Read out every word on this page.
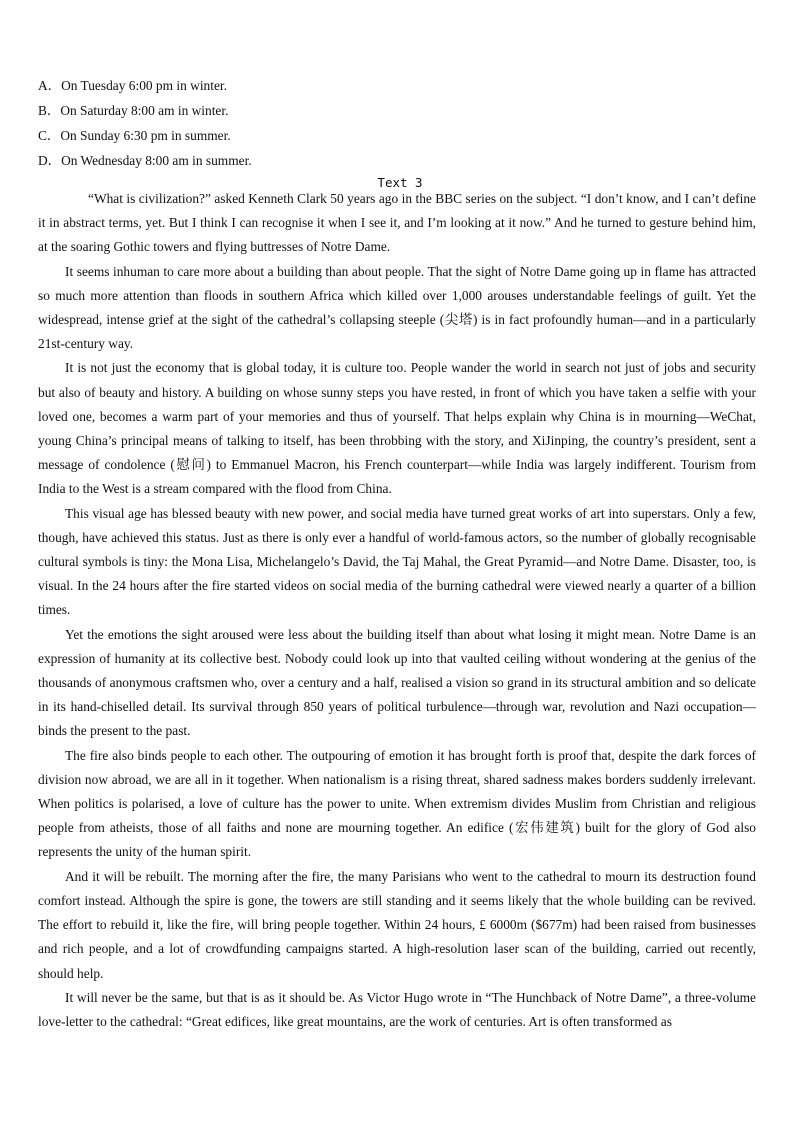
A．On Tuesday 6:00 pm in winter.
B．On Saturday 8:00 am in winter.
C．On Sunday 6:30 pm in summer.
D．On Wednesday 8:00 am in summer.
Text 3

“What is civilization?” asked Kenneth Clark 50 years ago in the BBC series on the subject. “I don’t know, and I can’t define it in abstract terms, yet. But I think I can recognise it when I see it, and I’m looking at it now.” And he turned to gesture behind him, at the soaring Gothic towers and flying buttresses of Notre Dame.

It seems inhuman to care more about a building than about people. That the sight of Notre Dame going up in flame has attracted so much more attention than floods in southern Africa which killed over 1,000 arouses understandable feelings of guilt. Yet the widespread, intense grief at the sight of the cathedral’s collapsing steeple (尖塔) is in fact profoundly human—and in a particularly 21st-century way.

It is not just the economy that is global today, it is culture too. People wander the world in search not just of jobs and security but also of beauty and history. A building on whose sunny steps you have rested, in front of which you have taken a selfie with your loved one, becomes a warm part of your memories and thus of yourself. That helps explain why China is in mourning—WeChat, young China’s principal means of talking to itself, has been throbbing with the story, and XiJinping, the country’s president, sent a message of condolence (慰问) to Emmanuel Macron, his French counterpart—while India was largely indifferent. Tourism from India to the West is a stream compared with the flood from China.

This visual age has blessed beauty with new power, and social media have turned great works of art into superstars. Only a few, though, have achieved this status. Just as there is only ever a handful of world-famous actors, so the number of globally recognisable cultural symbols is tiny: the Mona Lisa, Michelangelo’s David, the Taj Mahal, the Great Pyramid—and Notre Dame. Disaster, too, is visual. In the 24 hours after the fire started videos on social media of the burning cathedral were viewed nearly a quarter of a billion times.

Yet the emotions the sight aroused were less about the building itself than about what losing it might mean. Notre Dame is an expression of humanity at its collective best. Nobody could look up into that vaulted ceiling without wondering at the genius of the thousands of anonymous craftsmen who, over a century and a half, realised a vision so grand in its structural ambition and so delicate in its hand-chiselled detail. Its survival through 850 years of political turbulence—through war, revolution and Nazi occupation—binds the present to the past.

The fire also binds people to each other. The outpouring of emotion it has brought forth is proof that, despite the dark forces of division now abroad, we are all in it together. When nationalism is a rising threat, shared sadness makes borders suddenly irrelevant. When politics is polarised, a love of culture has the power to unite. When extremism divides Muslim from Christian and religious people from atheists, those of all faiths and none are mourning together. An edifice (宏伟建筑) built for the glory of God also represents the unity of the human spirit.

And it will be rebuilt. The morning after the fire, the many Parisians who went to the cathedral to mourn its destruction found comfort instead. Although the spire is gone, the towers are still standing and it seems likely that the whole building can be revived. The effort to rebuild it, like the fire, will bring people together. Within 24 hours, £ 6000m ($677m) had been raised from businesses and rich people, and a lot of crowdfunding campaigns started. A high-resolution laser scan of the building, carried out recently, should help.

It will never be the same, but that is as it should be. As Victor Hugo wrote in “The Hunchback of Notre Dame”, a three-volume love-letter to the cathedral: “Great edifices, like great mountains, are the work of centuries. Art is often transformed as
